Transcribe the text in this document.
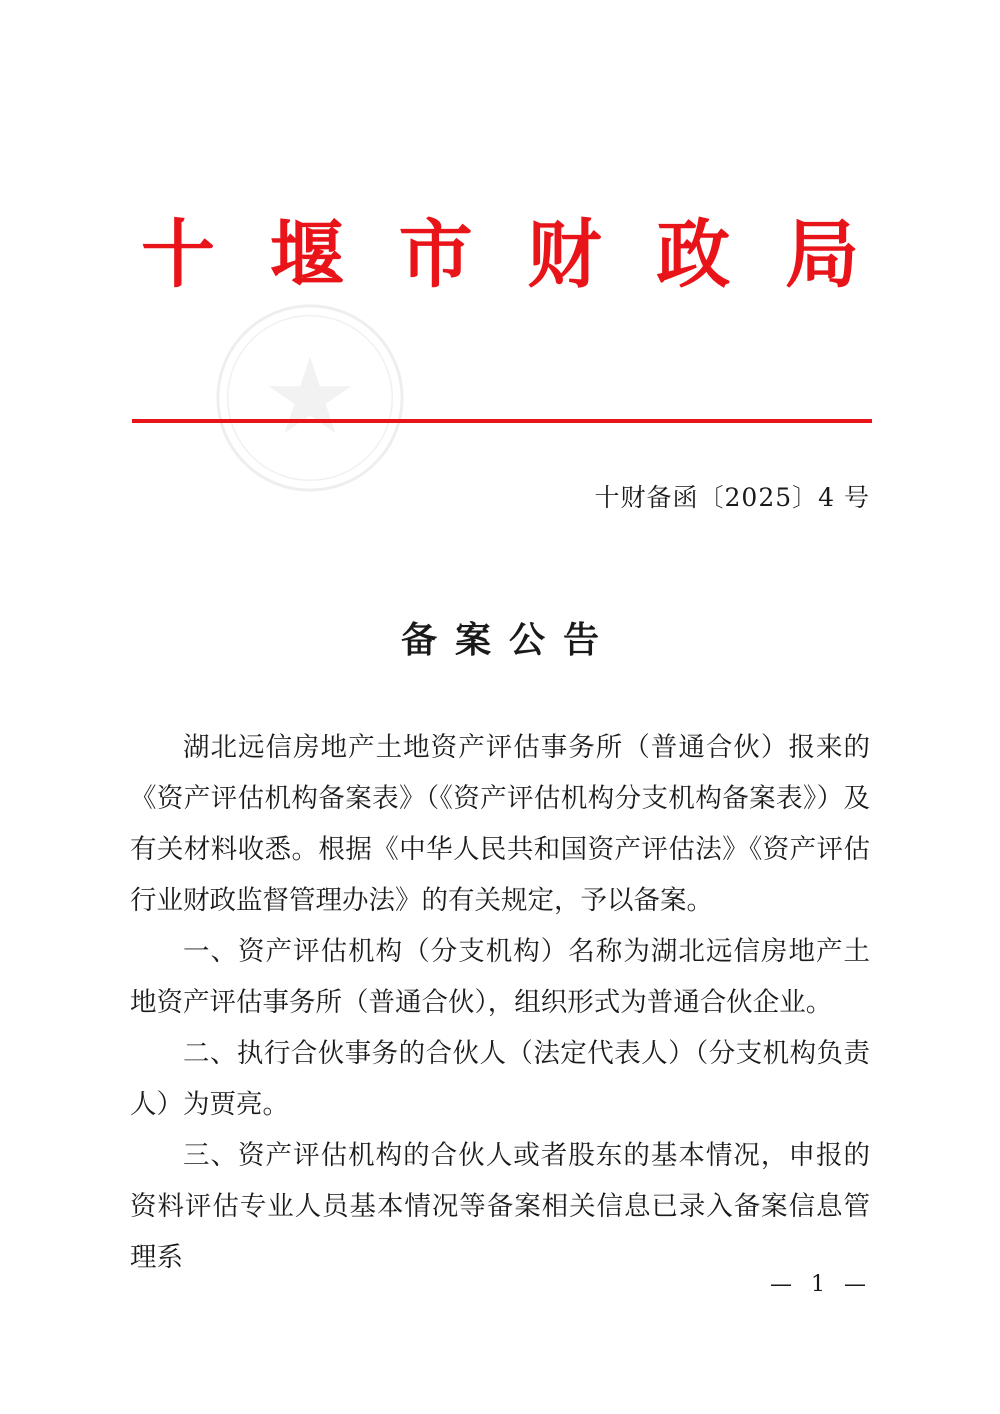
十 堰 市 财 政 局
十财备函〔2025〕4 号
备案公告

湖北远信房地产土地资产评估事务所（普通合伙）报来的《资产评估机构备案表》（《资产评估机构分支机构备案表》）及有关材料收悉。根据《中华人民共和国资产评估法》《资产评估行业财政监督管理办法》的有关规定，予以备案。

一、资产评估机构（分支机构）名称为湖北远信房地产土地资产评估事务所（普通合伙），组织形式为普通合伙企业。

二、执行合伙事务的合伙人（法定代表人）（分支机构负责人）为贾亮。

三、资产评估机构的合伙人或者股东的基本情况，申报的资料评估专业人员基本情况等备案相关信息已录入备案信息管理系

— 1 —
